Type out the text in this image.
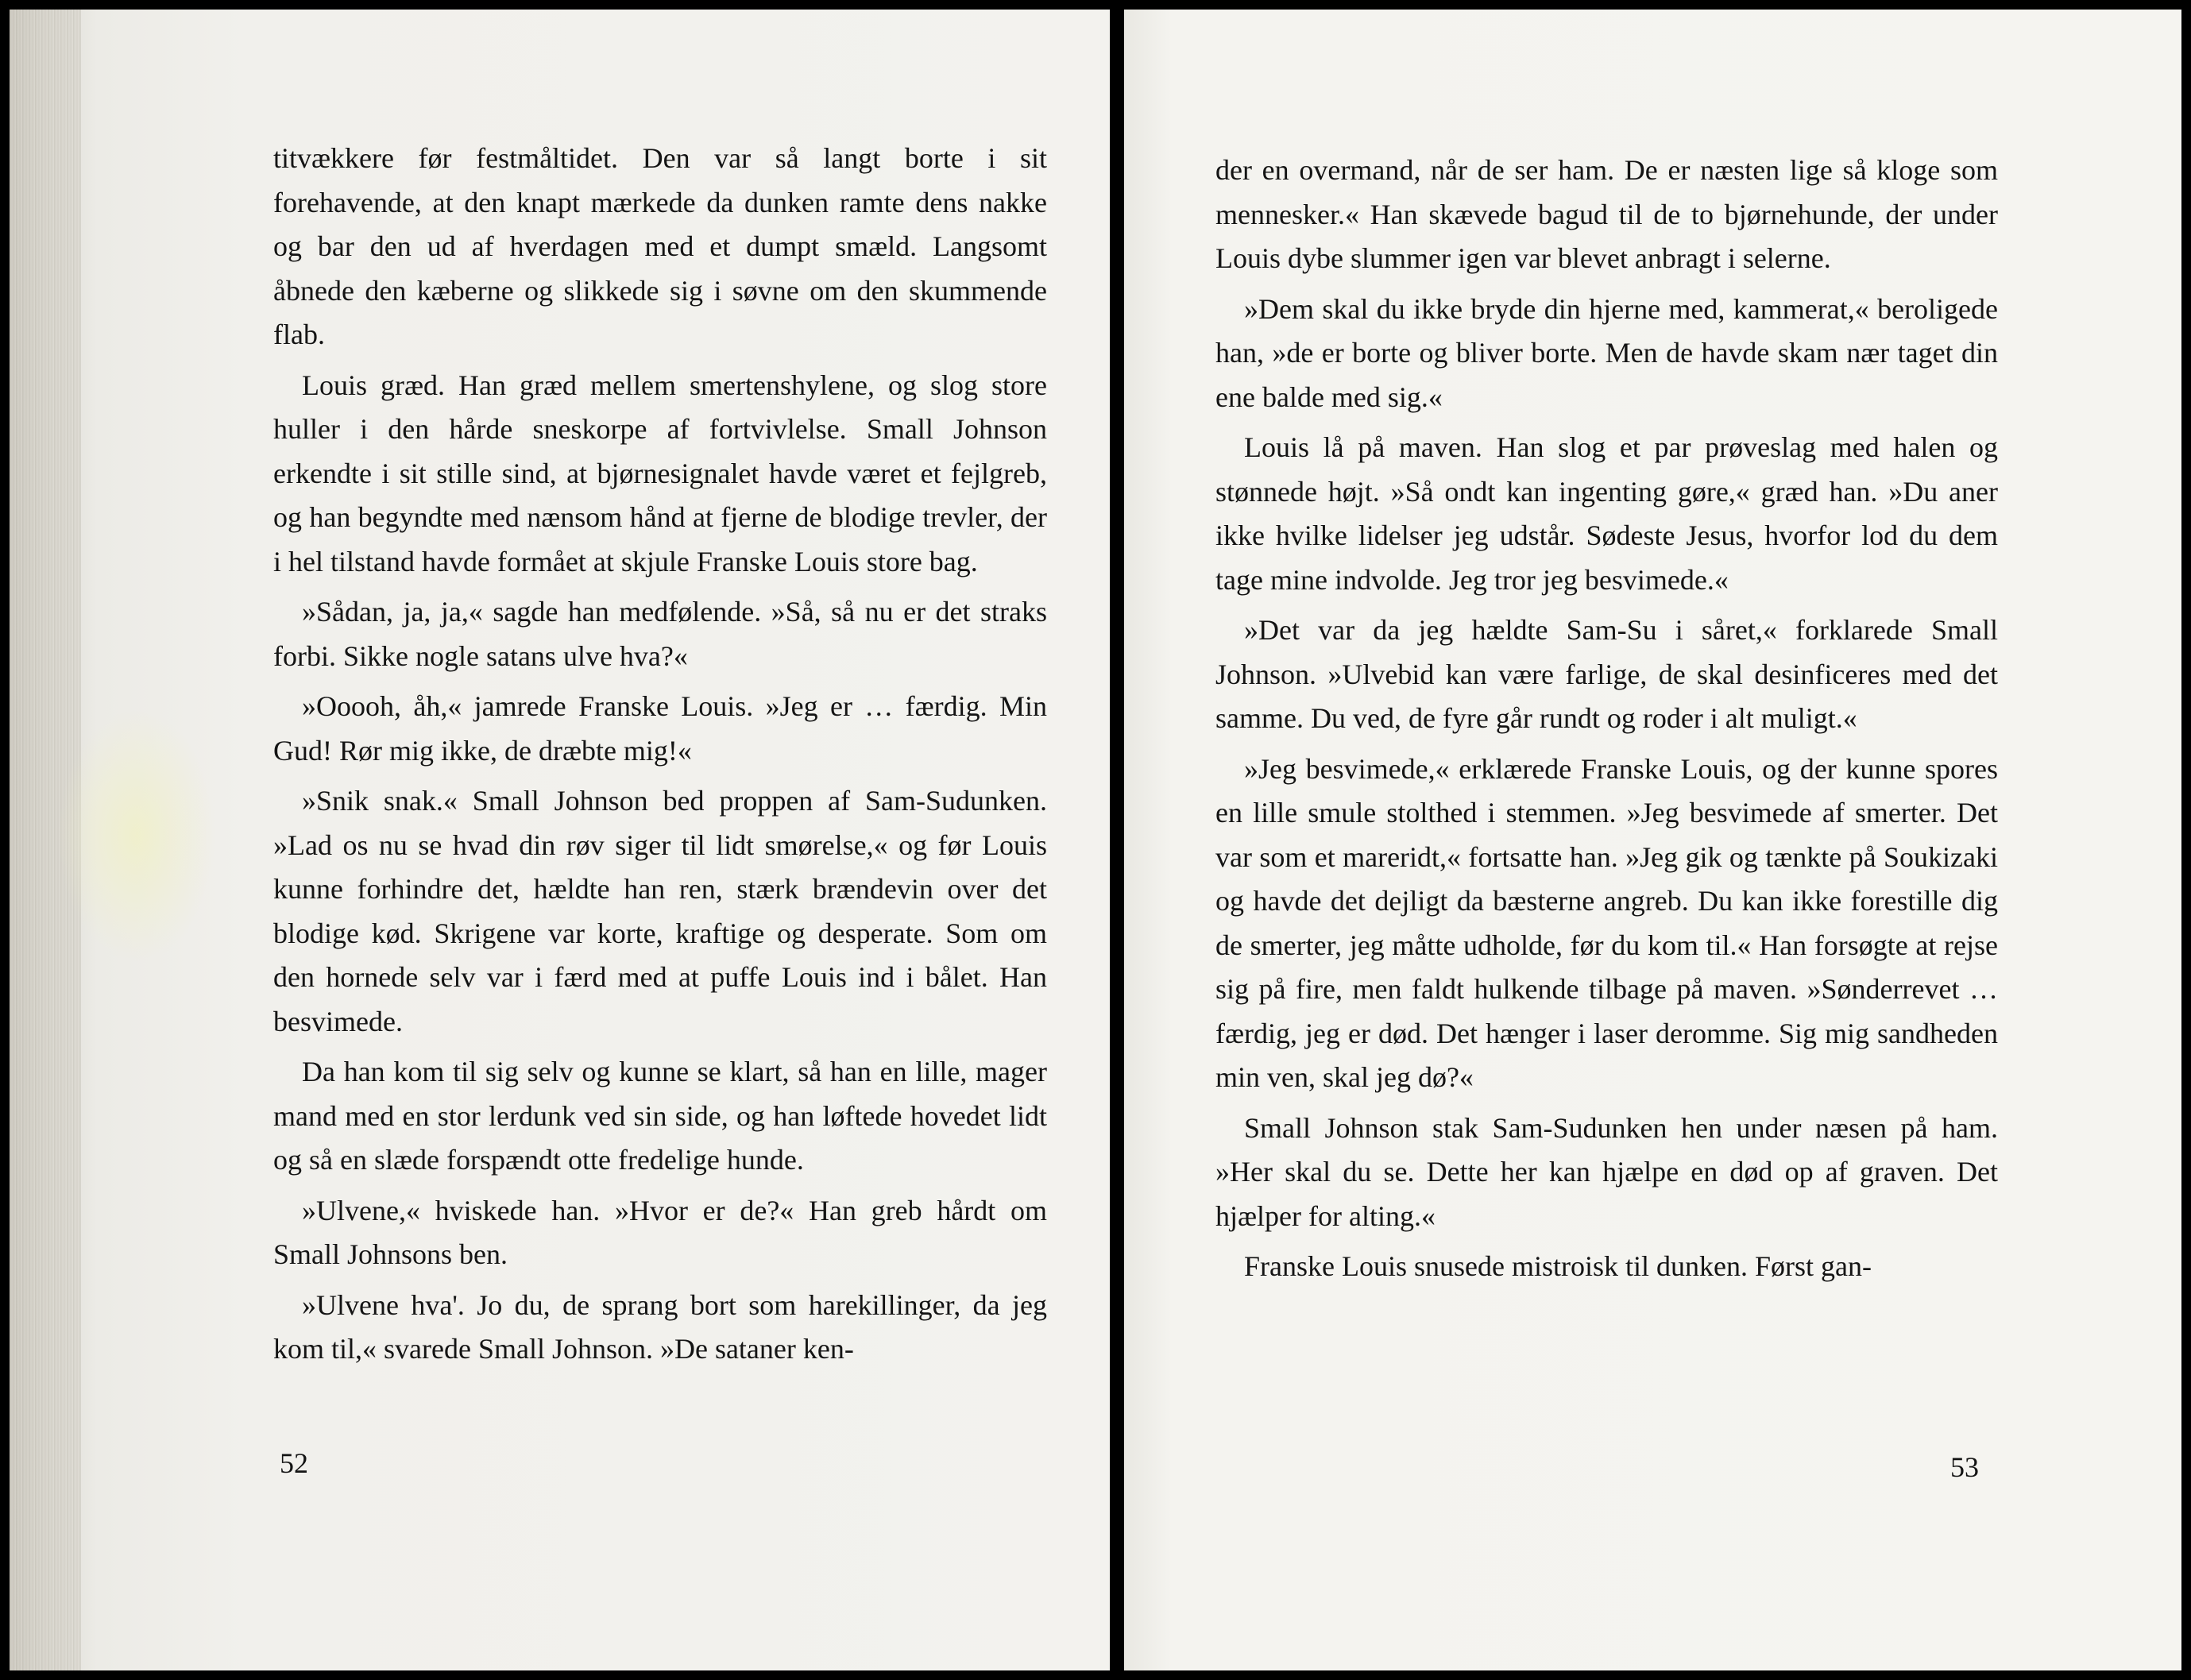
titvækkere før festmåltidet. Den var så langt borte i sit forehavende, at den knapt mærkede da dunken ramte dens nakke og bar den ud af hverdagen med et dumpt smæld. Langsomt åbnede den kæberne og slikkede sig i søvne om den skummende flab.

Louis græd. Han græd mellem smertenshylene, og slog store huller i den hårde sneskorpe af fortvivlelse. Small Johnson erkendte i sit stille sind, at bjørnesignalet havde været et fejlgreb, og han begyndte med nænsom hånd at fjerne de blodige trevler, der i hel tilstand havde formået at skjule Franske Louis store bag.

»Sådan, ja, ja,« sagde han medfølende. »Så, så nu er det straks forbi. Sikke nogle satans ulve hva?«

»Ooooh, åh,« jamrede Franske Louis. »Jeg er … færdig. Min Gud! Rør mig ikke, de dræbte mig!«

»Snik snak.« Small Johnson bed proppen af Sam-Sudunken. »Lad os nu se hvad din røv siger til lidt smørelse,« og før Louis kunne forhindre det, hældte han ren, stærk brændevin over det blodige kød. Skrigene var korte, kraftige og desperate. Som om den hornede selv var i færd med at puffe Louis ind i bålet. Han besvimede.

Da han kom til sig selv og kunne se klart, så han en lille, mager mand med en stor lerdunk ved sin side, og han løftede hovedet lidt og så en slæde forspændt otte fredelige hunde.

»Ulvene,« hviskede han. »Hvor er de?« Han greb hårdt om Small Johnsons ben.

»Ulvene hva'. Jo du, de sprang bort som harekillinger, da jeg kom til,« svarede Small Johnson. »De sataner ken-

52

der en overmand, når de ser ham. De er næsten lige så kloge som mennesker.« Han skævede bagud til de to bjørnehunde, der under Louis dybe slummer igen var blevet anbragt i selerne.

»Dem skal du ikke bryde din hjerne med, kammerat,« beroligede han, »de er borte og bliver borte. Men de havde skam nær taget din ene balde med sig.«

Louis lå på maven. Han slog et par prøveslag med halen og stønnede højt. »Så ondt kan ingenting gøre,« græd han. »Du aner ikke hvilke lidelser jeg udstår. Sødeste Jesus, hvorfor lod du dem tage mine indvolde. Jeg tror jeg besvimede.«

»Det var da jeg hældte Sam-Su i såret,« forklarede Small Johnson. »Ulvebid kan være farlige, de skal desinficeres med det samme. Du ved, de fyre går rundt og roder i alt muligt.«

»Jeg besvimede,« erklærede Franske Louis, og der kunne spores en lille smule stolthed i stemmen. »Jeg besvimede af smerter. Det var som et mareridt,« fortsatte han. »Jeg gik og tænkte på Soukizaki og havde det dejligt da bæsterne angreb. Du kan ikke forestille dig de smerter, jeg måtte udholde, før du kom til.« Han forsøgte at rejse sig på fire, men faldt hulkende tilbage på maven. »Sønderrevet … færdig, jeg er død. Det hænger i laser deromme. Sig mig sandheden min ven, skal jeg dø?«

Small Johnson stak Sam-Sudunken hen under næsen på ham. »Her skal du se. Dette her kan hjælpe en død op af graven. Det hjælper for alting.«

Franske Louis snusede mistroisk til dunken. Først gan-

53
